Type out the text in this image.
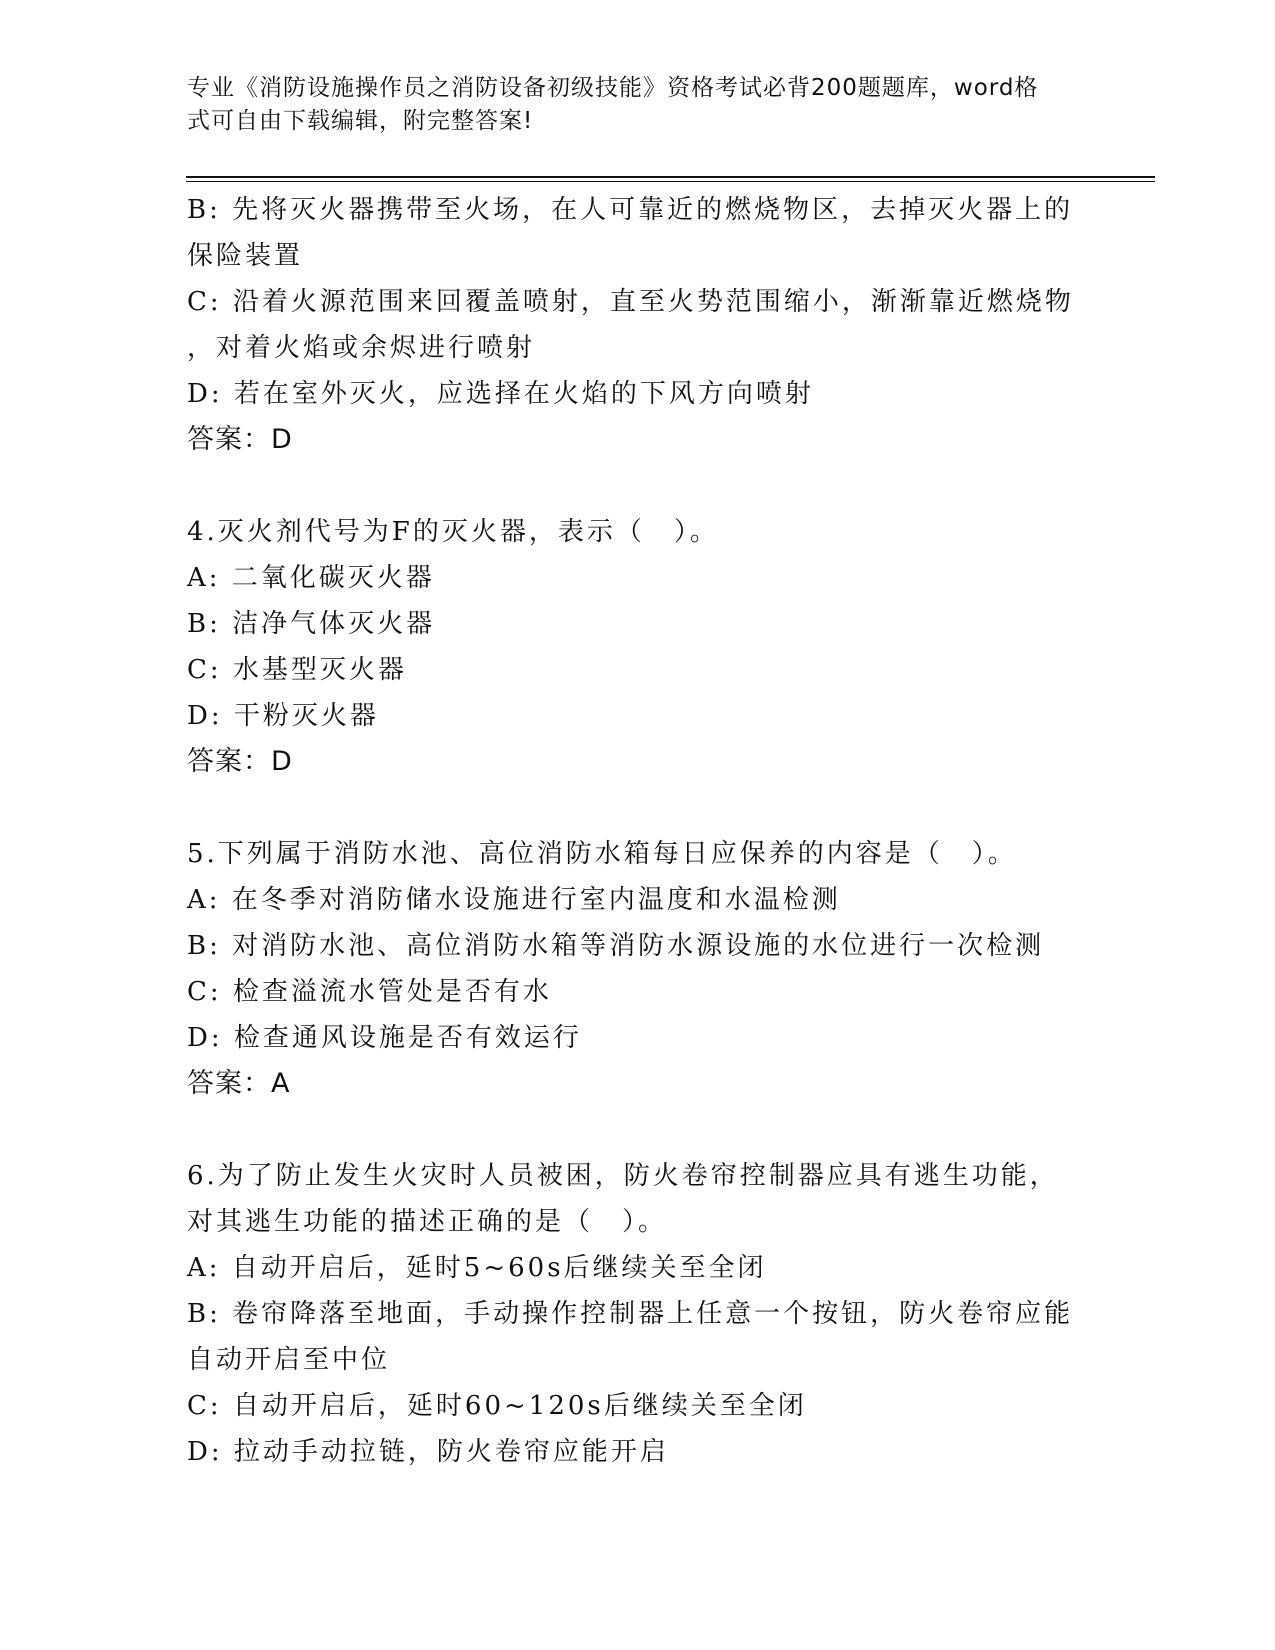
专业《消防设施操作员之消防设备初级技能》资格考试必背200题题库，word格
式可自由下载编辑，附完整答案!
B: 先将灭火器携带至火场，在人可靠近的燃烧物区，去掉灭火器上的
保险装置
C: 沿着火源范围来回覆盖喷射，直至火势范围缩小，渐渐靠近燃烧物
，对着火焰或余烬进行喷射
D: 若在室外灭火，应选择在火焰的下风方向喷射
答案：D
4.灭火剂代号为F的灭火器，表示（　）。
A: 二氧化碳灭火器
B: 洁净气体灭火器
C: 水基型灭火器
D: 干粉灭火器
答案：D
5.下列属于消防水池、高位消防水箱每日应保养的内容是（　）。
A: 在冬季对消防储水设施进行室内温度和水温检测
B: 对消防水池、高位消防水箱等消防水源设施的水位进行一次检测
C: 检查溢流水管处是否有水
D: 检查通风设施是否有效运行
答案：A
6.为了防止发生火灾时人员被困，防火卷帘控制器应具有逃生功能，
对其逃生功能的描述正确的是（　）。
A: 自动开启后，延时5~60s后继续关至全闭
B: 卷帘降落至地面，手动操作控制器上任意一个按钮，防火卷帘应能
自动开启至中位
C: 自动开启后，延时60~120s后继续关至全闭
D: 拉动手动拉链，防火卷帘应能开启
